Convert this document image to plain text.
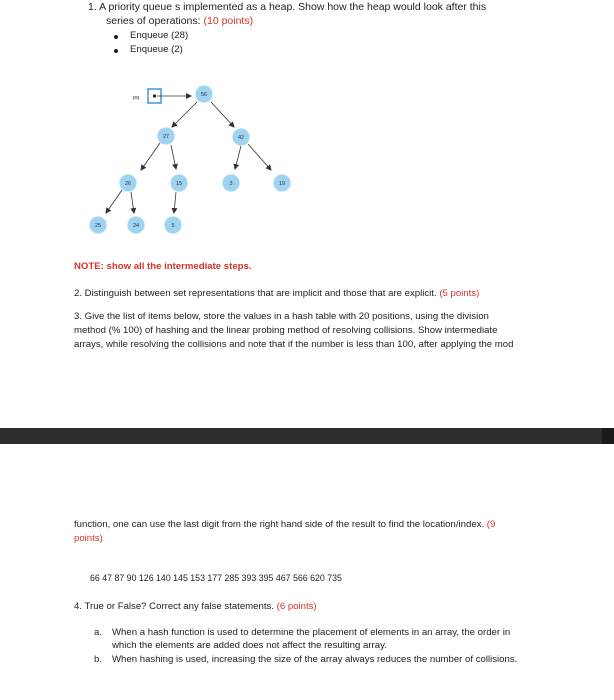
1. A priority queue s implemented as a heap. Show how the heap would look after this
series of operations: (10 points)
Enqueue (28)
Enqueue (2)
pq	56
27	42
26	15	3	19
25	24	5
NOTE: show all the intermediate steps.
2. Distinguish between set representations that are implicit and those that are explicit. (5 points)
3. Give the list of items below, store the values in a hash table with 20 positions, using the division
method (% 100) of hashing and the linear probing method of resolving collisions. Show intermediate
arrays, while resolving the collisions and note that if the number is less than 100, after applying the mod
function, one can use the last digit from the right hand side of the result to find the location/index. (9
points)
66 47 87 90 126 140 145 153 177 285 393 395 467 566 620 735
4. True or False? Correct any false statements. (6 points)
a. When a hash function is used to determine the placement of elements in an array, the order in
which the elements are added does not affect the resulting array.
b. When hashing is used, increasing the size of the array always reduces the number of collisions.
